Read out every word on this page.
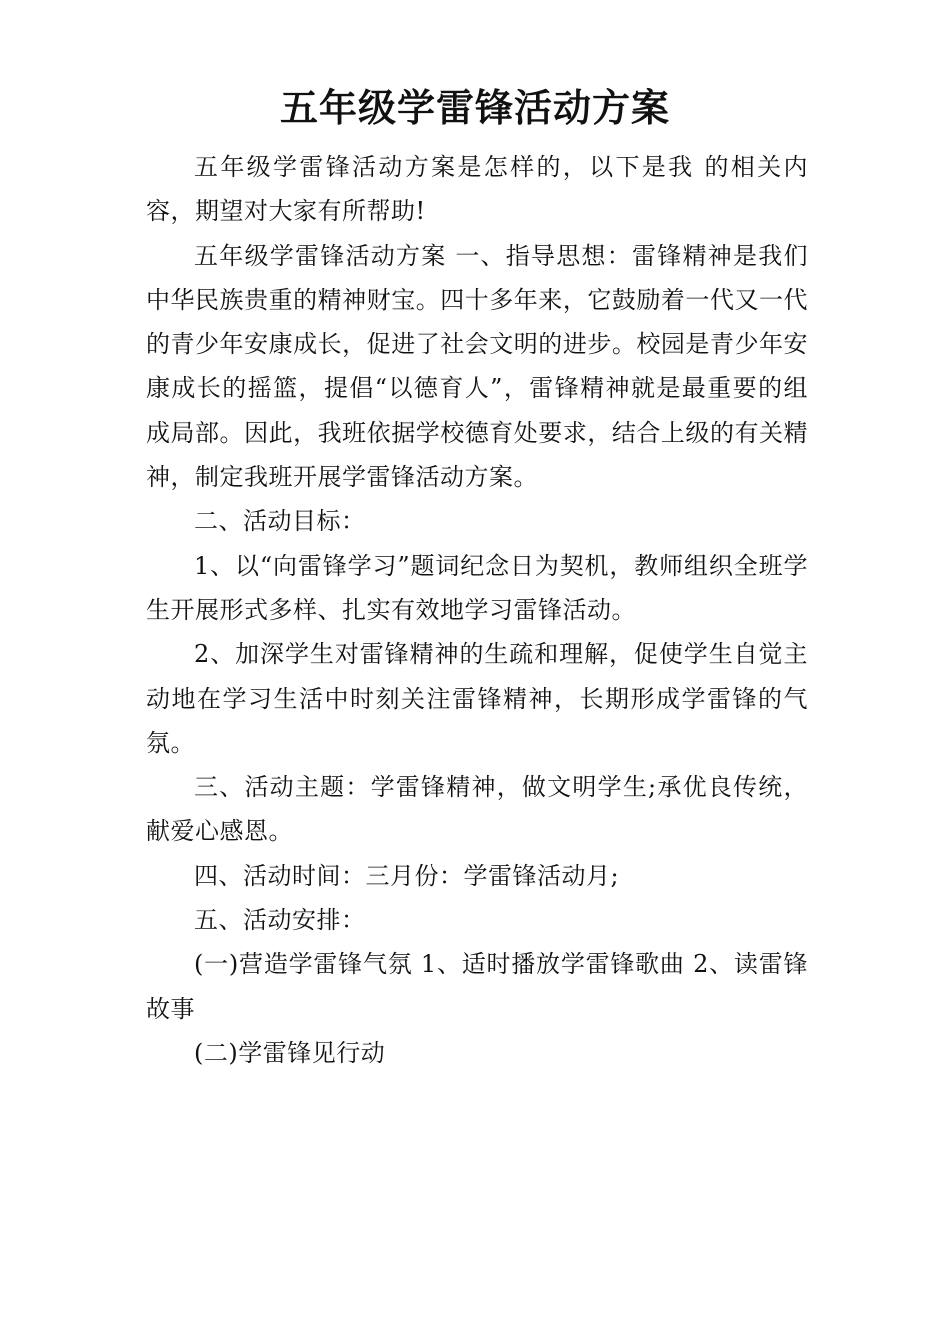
五年级学雷锋活动方案

五年级学雷锋活动方案是怎样的，以下是我 的相关内容，期望对大家有所帮助!

五年级学雷锋活动方案 一、指导思想：雷锋精神是我们中华民族贵重的精神财宝。四十多年来，它鼓励着一代又一代的青少年安康成长，促进了社会文明的进步。校园是青少年安康成长的摇篮，提倡“以德育人”，雷锋精神就是最重要的组成局部。因此，我班依据学校德育处要求，结合上级的有关精神，制定我班开展学雷锋活动方案。

二、活动目标：

1、以“向雷锋学习”题词纪念日为契机，教师组织全班学生开展形式多样、扎实有效地学习雷锋活动。

2、加深学生对雷锋精神的生疏和理解，促使学生自觉主动地在学习生活中时刻关注雷锋精神，长期形成学雷锋的气氛。

三、活动主题：学雷锋精神，做文明学生;承优良传统，献爱心感恩。

四、活动时间：三月份：学雷锋活动月;

五、活动安排：

(一)营造学雷锋气氛 1、适时播放学雷锋歌曲 2、读雷锋故事

(二)学雷锋见行动
